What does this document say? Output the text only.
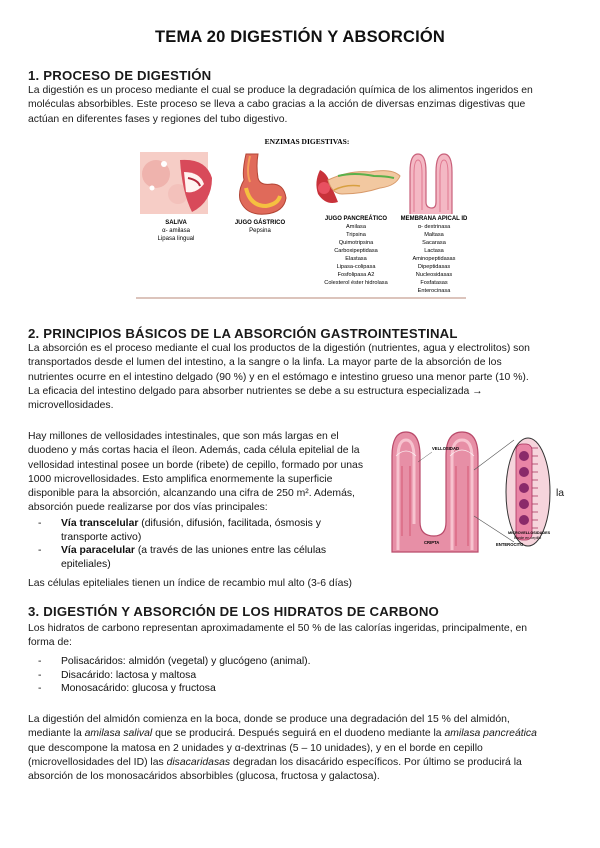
TEMA 20 DIGESTIÓN Y ABSORCIÓN
1. PROCESO DE DIGESTIÓN
La digestión es un proceso mediante el cual se produce la degradación química de los alimentos ingeridos en
moléculas absorbibles. Este proceso se lleva a cabo gracias a la acción de diversas enzimas digestivas que
actúan en diferentes fases y regiones del tubo digestivo.
ENZIMAS DIGESTIVAS:
SALIVA
α- amilasa
Lipasa lingual
JUGO GÁSTRICO
Pepsina
JUGO PANCREÁTICO
Amilasa
Tripsina
Quimotripsina
Carboxipeptidasa
Elastasa
Lipasa-colipasa
Fosfolipasa A2
Colesterol éster hidrolasa
MEMBRANA APICAL ID
α- dextrinasa
Maltasa
Sacarasa
Lactasa
Aminopeptidasas
Dipeptidasas
Nucleosidasas
Fosfatasas
Enterocinasa
2. PRINCIPIOS BÁSICOS DE LA ABSORCIÓN GASTROINTESTINAL
La absorción es el proceso mediante el cual los productos de la digestión (nutrientes, agua y electrolitos) son
transportados desde el lumen del intestino, a la sangre o la linfa. La mayor parte de la absorción de los
nutrientes ocurre en el intestino delgado (90 %) y en el estómago e intestino grueso una menor parte (10 %).
La eficacia del intestino delgado para absorber nutrientes se debe a su estructura especializada →
microvellosidades.
Hay millones de vellosidades intestinales, que son más largas en el
duodeno y más cortas hacia el íleon. Además, cada célula epitelial de la
vellosidad intestinal posee un borde (ribete) de cepillo, formado por unas
1000 microvellosidades. Esto amplifica enormemente la superficie
disponible para la absorción, alcanzando una cifra de 250 m². Además,
absorción puede realizarse por dos vías principales:
la
- Vía transcelular (difusión, difusión, facilitada, ósmosis y
transporte activo)
- Vía paracelular (a través de las uniones entre las células
epiteliales)
Las células epiteliales tienen un índice de recambio mul alto (3-6 días)
VELLOSIDAD
CRIPTA	ENTEROCITO
MICROVELLOSIDADES
Borde en cepillo
3. DIGESTIÓN Y ABSORCIÓN DE LOS HIDRATOS DE CARBONO
Los hidratos de carbono representan aproximadamente el 50 % de las calorías ingeridas, principalmente, en
forma de:
- Polisacáridos: almidón (vegetal) y glucógeno (animal).
- Disacárido: lactosa y maltosa
- Monosacárido: glucosa y fructosa
La digestión del almidón comienza en la boca, donde se produce una degradación del 15 % del almidón,
mediante la amilasa salival que se producirá. Después seguirá en el duodeno mediante la amilasa pancreática
que descompone la matosa en 2 unidades y α-dextrinas (5 – 10 unidades), y en el borde en cepillo
(microvellosidades del ID) las disacaridasas degradan los disacárido específicos. Por último se producirá la
absorción de los monosacáridos absorbibles (glucosa, fructosa y galactosa).
